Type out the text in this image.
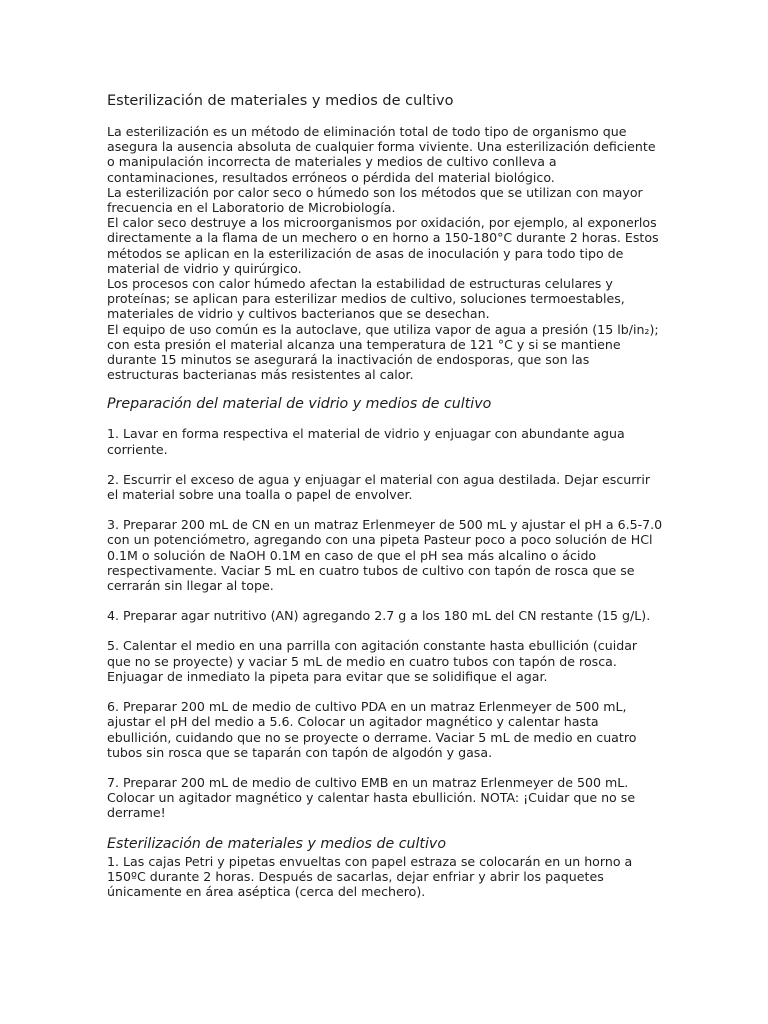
Esterilización de materiales y medios de cultivo

La esterilización es un método de eliminación total de todo tipo de organismo que
asegura la ausencia absoluta de cualquier forma viviente. Una esterilización deficiente
o manipulación incorrecta de materiales y medios de cultivo conlleva a
contaminaciones, resultados erróneos o pérdida del material biológico.

La esterilización por calor seco o húmedo son los métodos que se utilizan con mayor
frecuencia en el Laboratorio de Microbiología.

El calor seco destruye a los microorganismos por oxidación, por ejemplo, al exponerlos
directamente a la flama de un mechero o en horno a 150-180°C durante 2 horas. Estos
métodos se aplican en la esterilización de asas de inoculación y para todo tipo de
material de vidrio y quirúrgico.

Los procesos con calor húmedo afectan la estabilidad de estructuras celulares y
proteínas; se aplican para esterilizar medios de cultivo, soluciones termoestables,
materiales de vidrio y cultivos bacterianos que se desechan.

El equipo de uso común es la autoclave, que utiliza vapor de agua a presión (15 lb/in₂);
con esta presión el material alcanza una temperatura de 121 °C y si se mantiene
durante 15 minutos se asegurará la inactivación de endosporas, que son las
estructuras bacterianas más resistentes al calor.

Preparación del material de vidrio y medios de cultivo

1. Lavar en forma respectiva el material de vidrio y enjuagar con abundante agua
corriente.

2. Escurrir el exceso de agua y enjuagar el material con agua destilada. Dejar escurrir
el material sobre una toalla o papel de envolver.

3. Preparar 200 mL de CN en un matraz Erlenmeyer de 500 mL y ajustar el pH a 6.5-7.0
con un potenciómetro, agregando con una pipeta Pasteur poco a poco solución de HCl
0.1M o solución de NaOH 0.1M en caso de que el pH sea más alcalino o ácido
respectivamente. Vaciar 5 mL en cuatro tubos de cultivo con tapón de rosca que se
cerrarán sin llegar al tope.

4. Preparar agar nutritivo (AN) agregando 2.7 g a los 180 mL del CN restante (15 g/L).

5. Calentar el medio en una parrilla con agitación constante hasta ebullición (cuidar
que no se proyecte) y vaciar 5 mL de medio en cuatro tubos con tapón de rosca.
Enjuagar de inmediato la pipeta para evitar que se solidifique el agar.

6. Preparar 200 mL de medio de cultivo PDA en un matraz Erlenmeyer de 500 mL,
ajustar el pH del medio a 5.6. Colocar un agitador magnético y calentar hasta
ebullición, cuidando que no se proyecte o derrame. Vaciar 5 mL de medio en cuatro
tubos sin rosca que se taparán con tapón de algodón y gasa.

7. Preparar 200 mL de medio de cultivo EMB en un matraz Erlenmeyer de 500 mL.
Colocar un agitador magnético y calentar hasta ebullición. NOTA: ¡Cuidar que no se
derrame!

Esterilización de materiales y medios de cultivo

1. Las cajas Petri y pipetas envueltas con papel estraza se colocarán en un horno a
150ºC durante 2 horas. Después de sacarlas, dejar enfriar y abrir los paquetes
únicamente en área aséptica (cerca del mechero).
